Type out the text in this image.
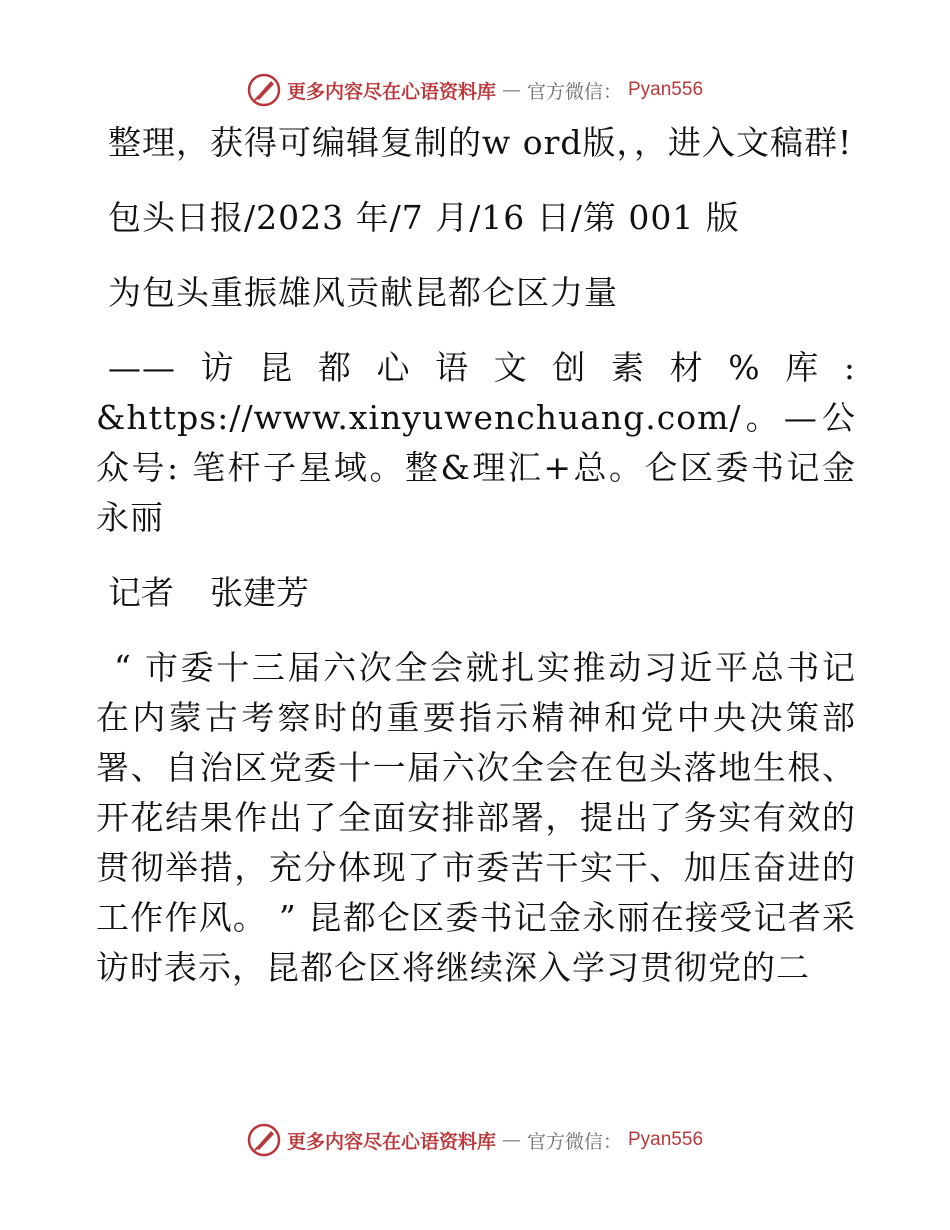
更多内容尽在心语资料库 — 官方微信： Pyan556

整理，获得可编辑复制的w ord版，，进入文稿群!

包头日报/2023 年/7 月/16 日/第 001 版

为包头重振雄风贡献昆都仑区力量

——访昆都心语文创素材%库: &https://www.xinyuwenchuang.com/。—公众号: 笔杆子星域。整&理汇+总。仑区委书记金永丽

记者 张建芳

“ 市委十三届六次全会就扎实推动习近平总书记在内蒙古考察时的重要指示精神和党中央决策部署、自治区党委十一届六次全会在包头落地生根、开花结果作出了全面安排部署，提出了务实有效的贯彻举措，充分体现了市委苦干实干、加压奋进的工作作风。 ” 昆都仑区委书记金永丽在接受记者采访时表示，昆都仑区将继续深入学习贯彻党的二

更多内容尽在心语资料库 — 官方微信： Pyan556
